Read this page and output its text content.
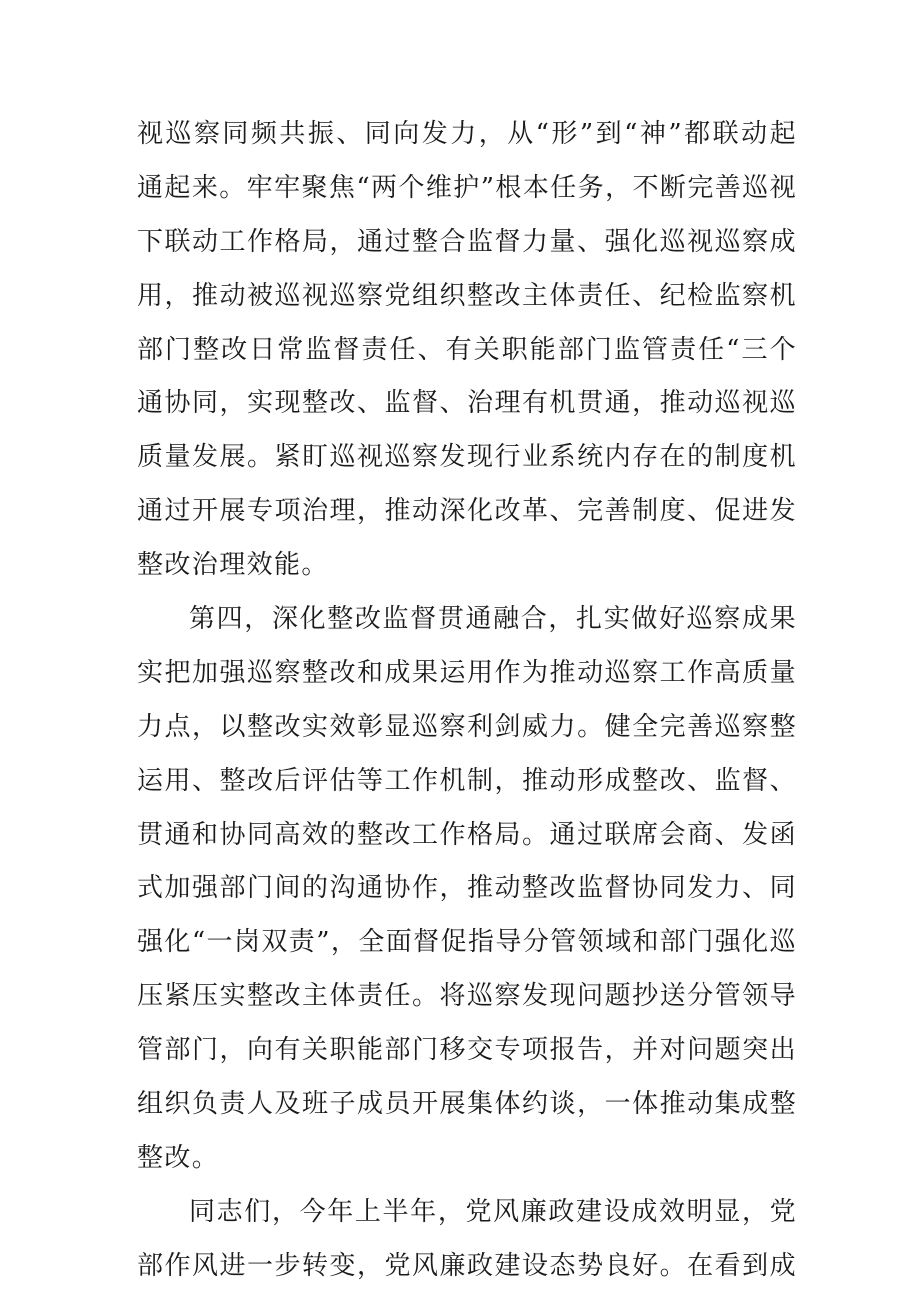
视巡察同频共振、同向发力，从“形”到“神”都联动起
通起来。牢牢聚焦“两个维护”根本任务，不断完善巡视
下联动工作格局，通过整合监督力量、强化巡视巡察成
用，推动被巡视巡察党组织整改主体责任、纪检监察机
部门整改日常监督责任、有关职能部门监管责任“三个
通协同，实现整改、监督、治理有机贯通，推动巡视巡
质量发展。紧盯巡视巡察发现行业系统内存在的制度机
通过开展专项治理，推动深化改革、完善制度、促进发
整改治理效能。
第四，深化整改监督贯通融合，扎实做好巡察成果
实把加强巡察整改和成果运用作为推动巡察工作高质量
力点，以整改实效彰显巡察利剑威力。健全完善巡察整
运用、整改后评估等工作机制，推动形成整改、监督、
贯通和协同高效的整改工作格局。通过联席会商、发函
式加强部门间的沟通协作，推动整改监督协同发力、同
强化“一岗双责”，全面督促指导分管领域和部门强化巡
压紧压实整改主体责任。将巡察发现问题抄送分管领导
管部门，向有关职能部门移交专项报告，并对问题突出
组织负责人及班子成员开展集体约谈，一体推动集成整
整改。
同志们，今年上半年，党风廉政建设成效明显，党
部作风进一步转变，党风廉政建设态势良好。在看到成
